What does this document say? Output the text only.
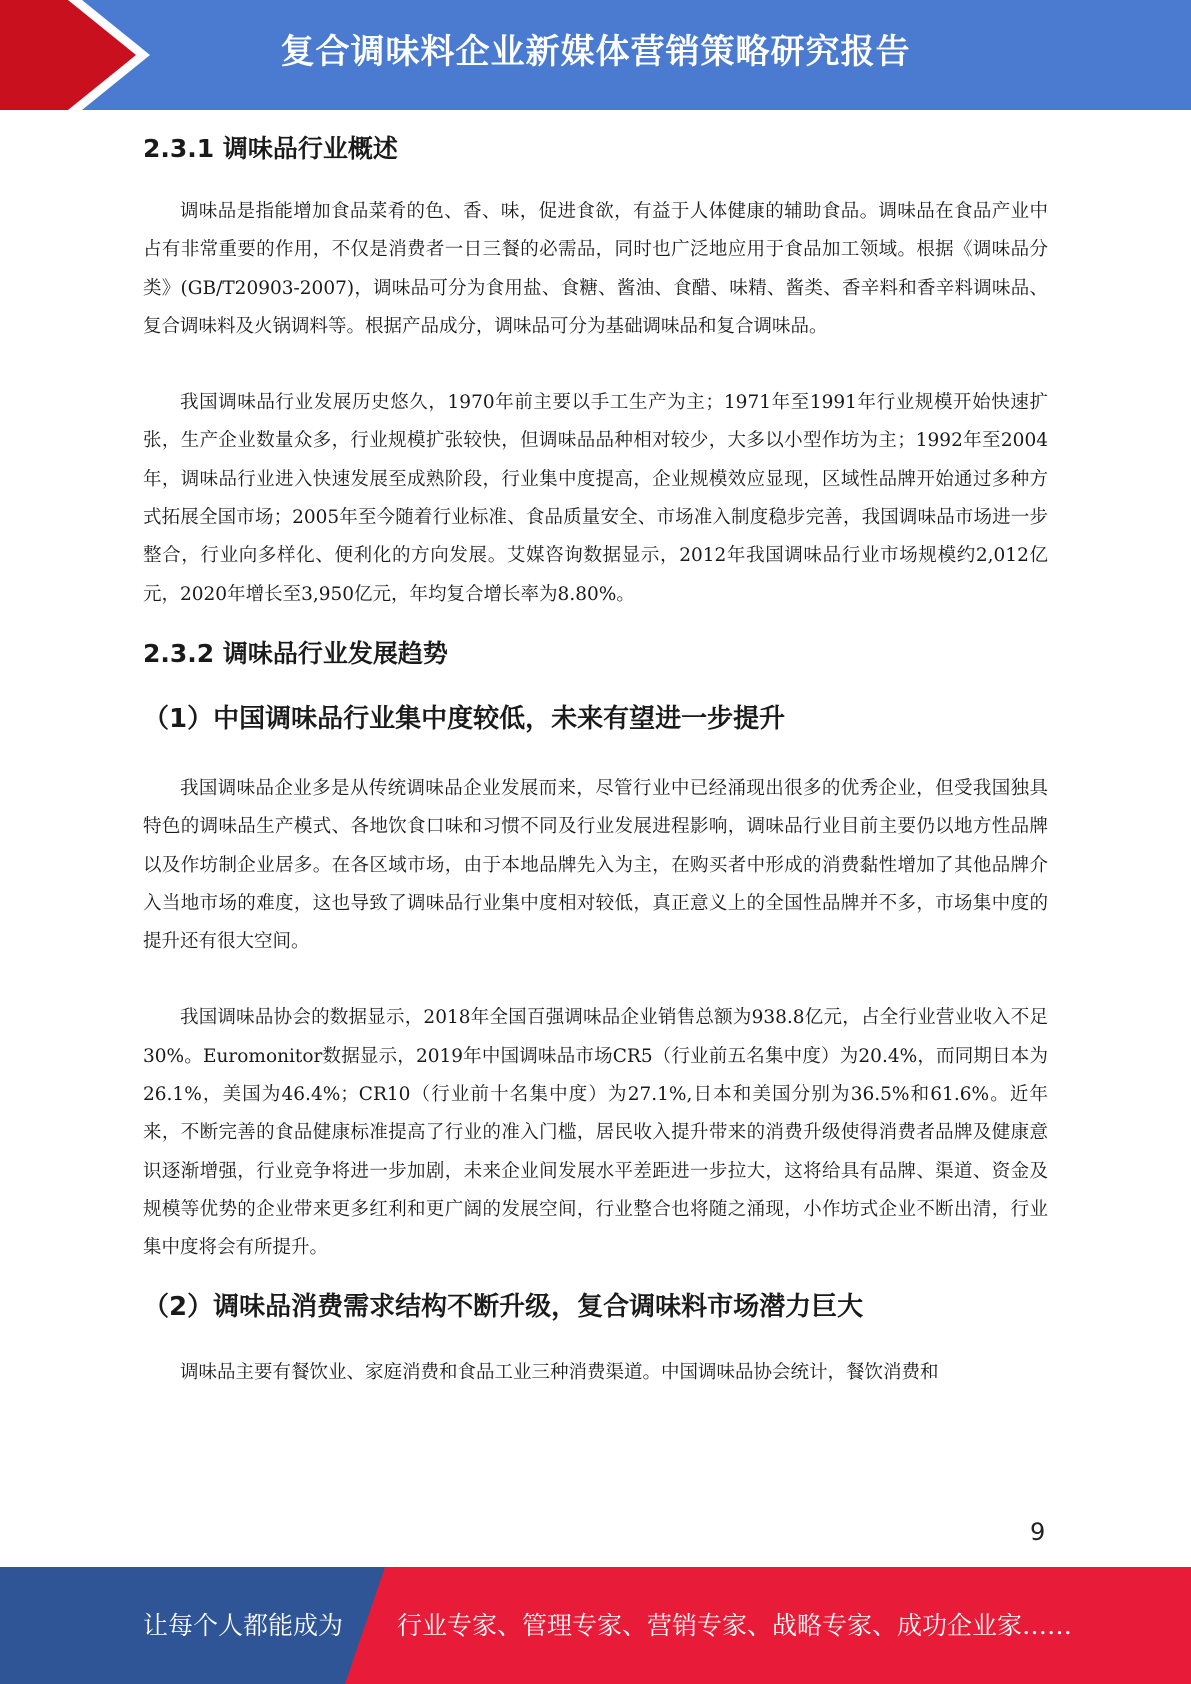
复合调味料企业新媒体营销策略研究报告
2.3.1 调味品行业概述

调味品是指能增加食品菜肴的色、香、味，促进食欲，有益于人体健康的辅助食品。调味品在食品产业中占有非常重要的作用，不仅是消费者一日三餐的必需品，同时也广泛地应用于食品加工领域。根据《调味品分类》(GB/T20903-2007)，调味品可分为食用盐、食糖、酱油、食醋、味精、酱类、香辛料和香辛料调味品、复合调味料及火锅调料等。根据产品成分，调味品可分为基础调味品和复合调味品。

我国调味品行业发展历史悠久，1970年前主要以手工生产为主；1971年至1991年行业规模开始快速扩张，生产企业数量众多，行业规模扩张较快，但调味品品种相对较少，大多以小型作坊为主；1992年至2004年，调味品行业进入快速发展至成熟阶段，行业集中度提高，企业规模效应显现，区域性品牌开始通过多种方式拓展全国市场；2005年至今随着行业标准、食品质量安全、市场准入制度稳步完善，我国调味品市场进一步整合，行业向多样化、便利化的方向发展。艾媒咨询数据显示，2012年我国调味品行业市场规模约2,012亿元，2020年增长至3,950亿元，年均复合增长率为8.80%。

2.3.2 调味品行业发展趋势
（1）中国调味品行业集中度较低，未来有望进一步提升

我国调味品企业多是从传统调味品企业发展而来，尽管行业中已经涌现出很多的优秀企业，但受我国独具特色的调味品生产模式、各地饮食口味和习惯不同及行业发展进程影响，调味品行业目前主要仍以地方性品牌以及作坊制企业居多。在各区域市场，由于本地品牌先入为主，在购买者中形成的消费黏性增加了其他品牌介入当地市场的难度，这也导致了调味品行业集中度相对较低，真正意义上的全国性品牌并不多，市场集中度的提升还有很大空间。

我国调味品协会的数据显示，2018年全国百强调味品企业销售总额为938.8亿元，占全行业营业收入不足30%。Euromonitor数据显示，2019年中国调味品市场CR5（行业前五名集中度）为20.4%，而同期日本为26.1%，美国为46.4%；CR10（行业前十名集中度）为27.1%,日本和美国分别为36.5%和61.6%。近年来，不断完善的食品健康标准提高了行业的准入门槛，居民收入提升带来的消费升级使得消费者品牌及健康意识逐渐增强，行业竞争将进一步加剧，未来企业间发展水平差距进一步拉大，这将给具有品牌、渠道、资金及规模等优势的企业带来更多红利和更广阔的发展空间，行业整合也将随之涌现，小作坊式企业不断出清，行业集中度将会有所提升。

（2）调味品消费需求结构不断升级，复合调味料市场潜力巨大

调味品主要有餐饮业、家庭消费和食品工业三种消费渠道。中国调味品协会统计，餐饮消费和

9
让每个人都能成为 行业专家、管理专家、营销专家、战略专家、成功企业家……
